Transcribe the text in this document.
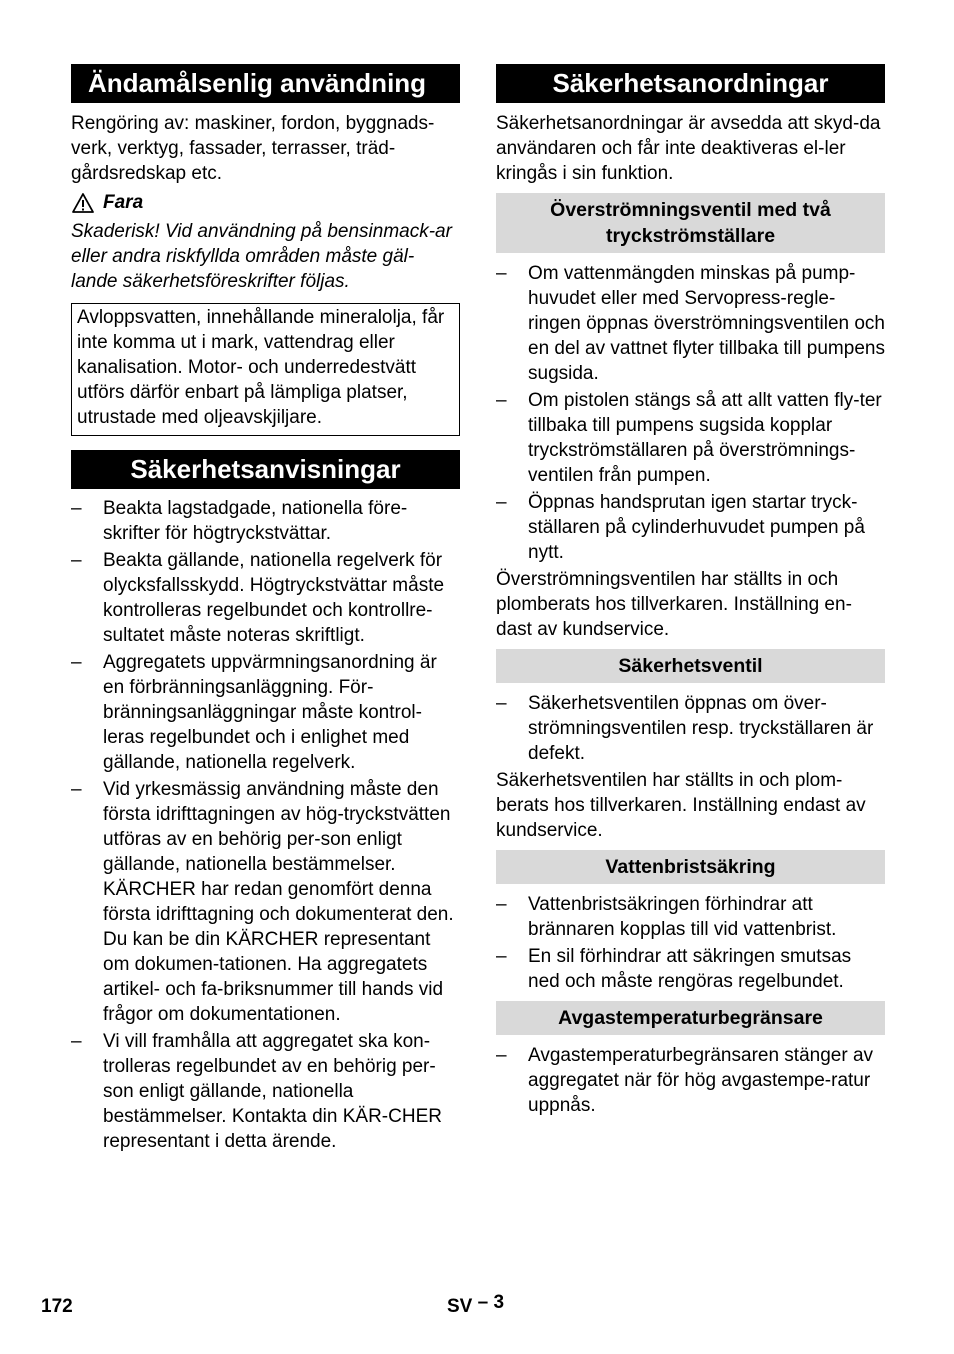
Ändamålsenlig användning

Rengöring av: maskiner, fordon, byggnads-verk, verktyg, fassader, terrasser, träd-gårdsredskap etc.

Fara

Skaderisk! Vid användning på bensinmack-ar eller andra riskfyllda områden måste gäl-lande säkerhetsföreskrifter följas.

Avloppsvatten, innehållande mineralolja, får inte komma ut i mark, vattendrag eller kanalisation. Motor- och underredestvätt utförs därför enbart på lämpliga platser, utrustade med oljeavskjiljare.
Säkerhetsanvisningar
–	Beakta lagstadgade, nationella före-skrifter för högtryckstvättar.
–	Beakta gällande, nationella regelverk för olycksfallsskydd. Högtryckstvättar måste kontrolleras regelbundet och kontrollre-sultatet måste noteras skriftligt.
–	Aggregatets uppvärmningsanordning är en förbränningsanläggning. För-bränningsanläggningar måste kontrol-leras regelbundet och i enlighet med gällande, nationella regelverk.
–	Vid yrkesmässig användning måste den första idrifttagningen av hög-tryckstvätten utföras av en behörig per-son enligt gällande, nationella bestämmelser. KÄRCHER har redan genomfört denna första idrifttagning och dokumenterat den. Du kan be din KÄRCHER representant om dokumen-tationen. Ha aggregatets artikel- och fa-briksnummer till hands vid frågor om dokumentationen.
–	Vi vill framhålla att aggregatet ska kon-trolleras regelbundet av en behörig per-son enligt gällande, nationella bestämmelser. Kontakta din KÄR-CHER representant i detta ärende.
Säkerhetsanordningar

Säkerhetsanordningar är avsedda att skyd-da användaren och får inte deaktiveras el-ler kringås i sin funktion.

Överströmningsventil med två tryckströmställare
–	Om vattenmängden minskas på pump-huvudet eller med Servopress-regle-ringen öppnas överströmningsventilen och en del av vattnet flyter tillbaka till pumpens sugsida.
–	Om pistolen stängs så att allt vatten fly-ter tillbaka till pumpens sugsida kopplar tryckströmställaren på överströmnings-ventilen från pumpen.
–	Öppnas handsprutan igen startar tryck-ställaren på cylinderhuvudet pumpen på nytt.

Överströmningsventilen har ställts in och plomberats hos tillverkaren. Inställning en-dast av kundservice.

Säkerhetsventil
–	Säkerhetsventilen öppnas om över-strömningsventilen resp. tryckställaren är defekt.

Säkerhetsventilen har ställts in och plom-berats hos tillverkaren. Inställning endast av kundservice.

Vattenbristsäkring
–	Vattenbristsäkringen förhindrar att brännaren kopplas till vid vattenbrist.
–	En sil förhindrar att säkringen smutsas ned och måste rengöras regelbundet.
Avgastemperaturbegränsare
–	Avgastemperaturbegränsaren stänger av aggregatet när för hög avgastempe-ratur uppnås.
172	SV – 3
